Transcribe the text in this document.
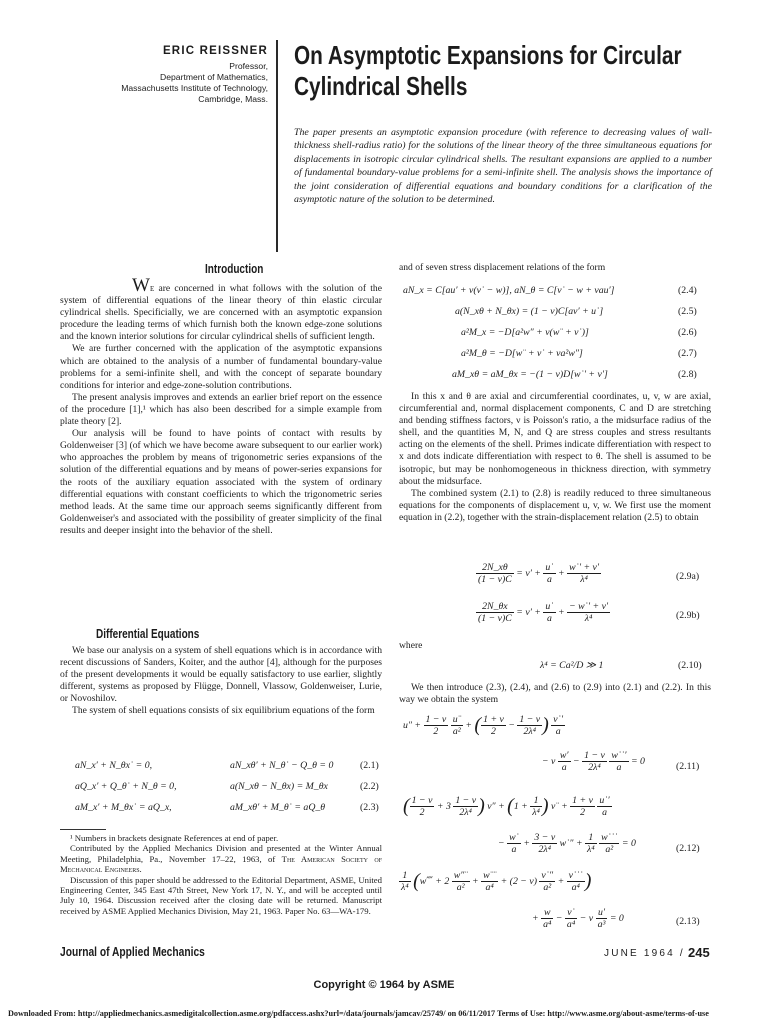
ERIC REISSNER
Professor,
Department of Mathematics,
Massachusetts Institute of Technology,
Cambridge, Mass.
On Asymptotic Expansions for Circular
Cylindrical Shells
The paper presents an asymptotic expansion procedure (with reference to decreasing values of wall-thickness shell-radius ratio) for the solutions of the linear theory of the three simultaneous equations for displacements in isotropic circular cylindrical shells. The resultant expansions are applied to a number of fundamental boundary-value problems for a semi-infinite shell. The analysis shows the importance of the joint consideration of differential equations and boundary conditions for a clarification of the asymptotic nature of the solution to be determined.
Introduction

We are concerned in what follows with the solution of the system of differential equations of the linear theory of thin elastic circular cylindrical shells. Specificially, we are concerned with an asymptotic expansion procedure the leading terms of which furnish both the known edge-zone solutions and the known interior solutions for circular cylindrical shells of sufficient length.

We are further concerned with the application of the asymptotic expansions which are obtained to the analysis of a number of fundamental boundary-value problems for a semi-infinite shell, and with the concept of separate boundary conditions for interior and edge-zone-solution contributions.

The present analysis improves and extends an earlier brief report on the essence of the procedure [1],¹ which has also been described for a simple example from plate theory [2].

Our analysis will be found to have points of contact with results by Goldenweiser [3] (of which we have become aware subsequent to our earlier work) who approaches the problem by means of trigonometric series expansions of the solution of the differential equations and by means of power-series expansions for the roots of the auxiliary equation associated with the system of ordinary differential equations with constant coefficients to which the trigonometric series method leads. At the same time our approach seems significantly different from Goldenweiser's and associated with the possibility of greater simplicity of the final results and deeper insight into the behavior of the shell.

Differential Equations

We base our analysis on a system of shell equations which is in accordance with recent discussions of Sanders, Koiter, and the author [4], although for the purposes of the present developments it would be equally satisfactory to use earlier, slightly different, systems as proposed by Flügge, Donnell, Vlassow, Goldenweiser, Lurie, or Novoshilov.

The system of shell equations consists of six equilibrium equations of the form

aN_x′ + N_θx˙ = 0,	aN_xθ′ + N_θ˙ − Q_θ = 0	(2.1)
aQ_x′ + Q_θ˙ + N_θ = 0,	a(N_xθ − N_θx) = M_θx	(2.2)
aM_x′ + M_θx˙ = aQ_x,	aM_xθ′ + M_θ˙ = aQ_θ	(2.3)

¹ Numbers in brackets designate References at end of paper.

Contributed by the Applied Mechanics Division and presented at the Winter Annual Meeting, Philadelphia, Pa., November 17–22, 1963, of The American Society of Mechanical Engineers.

Discussion of this paper should be addressed to the Editorial Department, ASME, United Engineering Center, 345 East 47th Street, New York 17, N. Y., and will be accepted until July 10, 1964. Discussion received after the closing date will be returned. Manuscript received by ASME Applied Mechanics Division, May 21, 1963. Paper No. 63—WA-179.

and of seven stress displacement relations of the form

aN_x = C[au′ + ν(v˙ − w)], aN_θ = C[v˙ − w + νau′]	(2.4)
a(N_xθ + N_θx) = (1 − ν)C[av′ + u˙]	(2.5)
a²M_x = −D[a²w″ + ν(w¨ + v˙)]	(2.6)
a²M_θ = −D[w¨ + v˙ + νa²w″]	(2.7)
aM_xθ = aM_θx = −(1 − ν)D[w˙′ + v′]	(2.8)

In this x and θ are axial and circumferential coordinates, u, v, w are axial, circumferential and, normal displacement components, C and D are stretching and bending stiffness factors, ν is Poisson's ratio, a the midsurface radius of the shell, and the quantities M, N, and Q are stress couples and stress resultants acting on the elements of the shell. Primes indicate differentiation with respect to x and dots indicate differentiation with respect to θ. The shell is assumed to be isotropic, but may be nonhomogeneous in thickness direction, with symmetry about the midsurface.

The combined system (2.1) to (2.8) is readily reduced to three simultaneous equations for the components of displacement u, v, w. We first use the moment equation in (2.2), together with the strain-displacement relation (2.5) to obtain

$\frac{2N\_x\theta}{(1 - \nu)C} = v' + \frac{u˙}{a} + \frac{w˙' + v'}{\text{λ⁴}}$	(2.9a)
$\frac{2N\_\theta x}{(1 - \nu)C} = v' + \frac{u˙}{a} + \frac{- w˙' + v'}{\text{λ⁴}}$	(2.9b)
where
λ⁴ = Ca²/D ≫ 1	(2.10)

We then introduce (2.3), (2.4), and (2.6) to (2.9) into (2.1) and (2.2). In this way we obtain the system

$u'' + \frac{1 - \nu}{2}$
$\frac{u¨}{\text{a²}}$ + ( $\frac{1 + \nu}{2} - \frac{1 - \nu}{\text{2λ⁴}}$ ) $\frac{v˙'}{a}$
− ν $\frac{w'}{a} - \frac{1 - \nu}{\text{2λ⁴}}$
$\frac{w˙˙'}{a} = 0$	(2.11)
( $\frac{1 - \nu}{2} + 3 \frac{1 - \nu}{\text{2λ⁴}}$ ) $v'' + (1 + \frac{1}{\text{λ⁴}}$ ) v¨ + $\frac{1 + \nu}{2}$
$\frac{u˙'}{a}$
− $\frac{w˙}{a} + \frac{3 - \nu}{\text{2λ⁴}}$ w˙″ + $\frac{1}{\text{λ⁴}}$
$\frac{w˙˙˙}{\text{a²}} = 0$	(2.12)
$\frac{1}{\text{λ⁴}}$ (w⁗ + $2 \frac{w''¨}{\text{a²}} + \frac{w¨¨}{\text{a⁴}} + (2 - \nu) \frac{v˙''}{\text{a²}} + \frac{v˙˙˙}{\text{a⁴}}$ )
+ $\frac{w}{\text{a⁴}} - \frac{v˙}{\text{a⁴}} - \nu \frac{u'}{\text{a³}} = 0$	(2.13)
Journal of Applied Mechanics	JUNE 1964 / 245
Copyright © 1964 by ASME
Downloaded From: http://appliedmechanics.asmedigitalcollection.asme.org/pdfaccess.ashx?url=/data/journals/jamcav/25749/ on 06/11/2017 Terms of Use: http://www.asme.org/about-asme/terms-of-use
